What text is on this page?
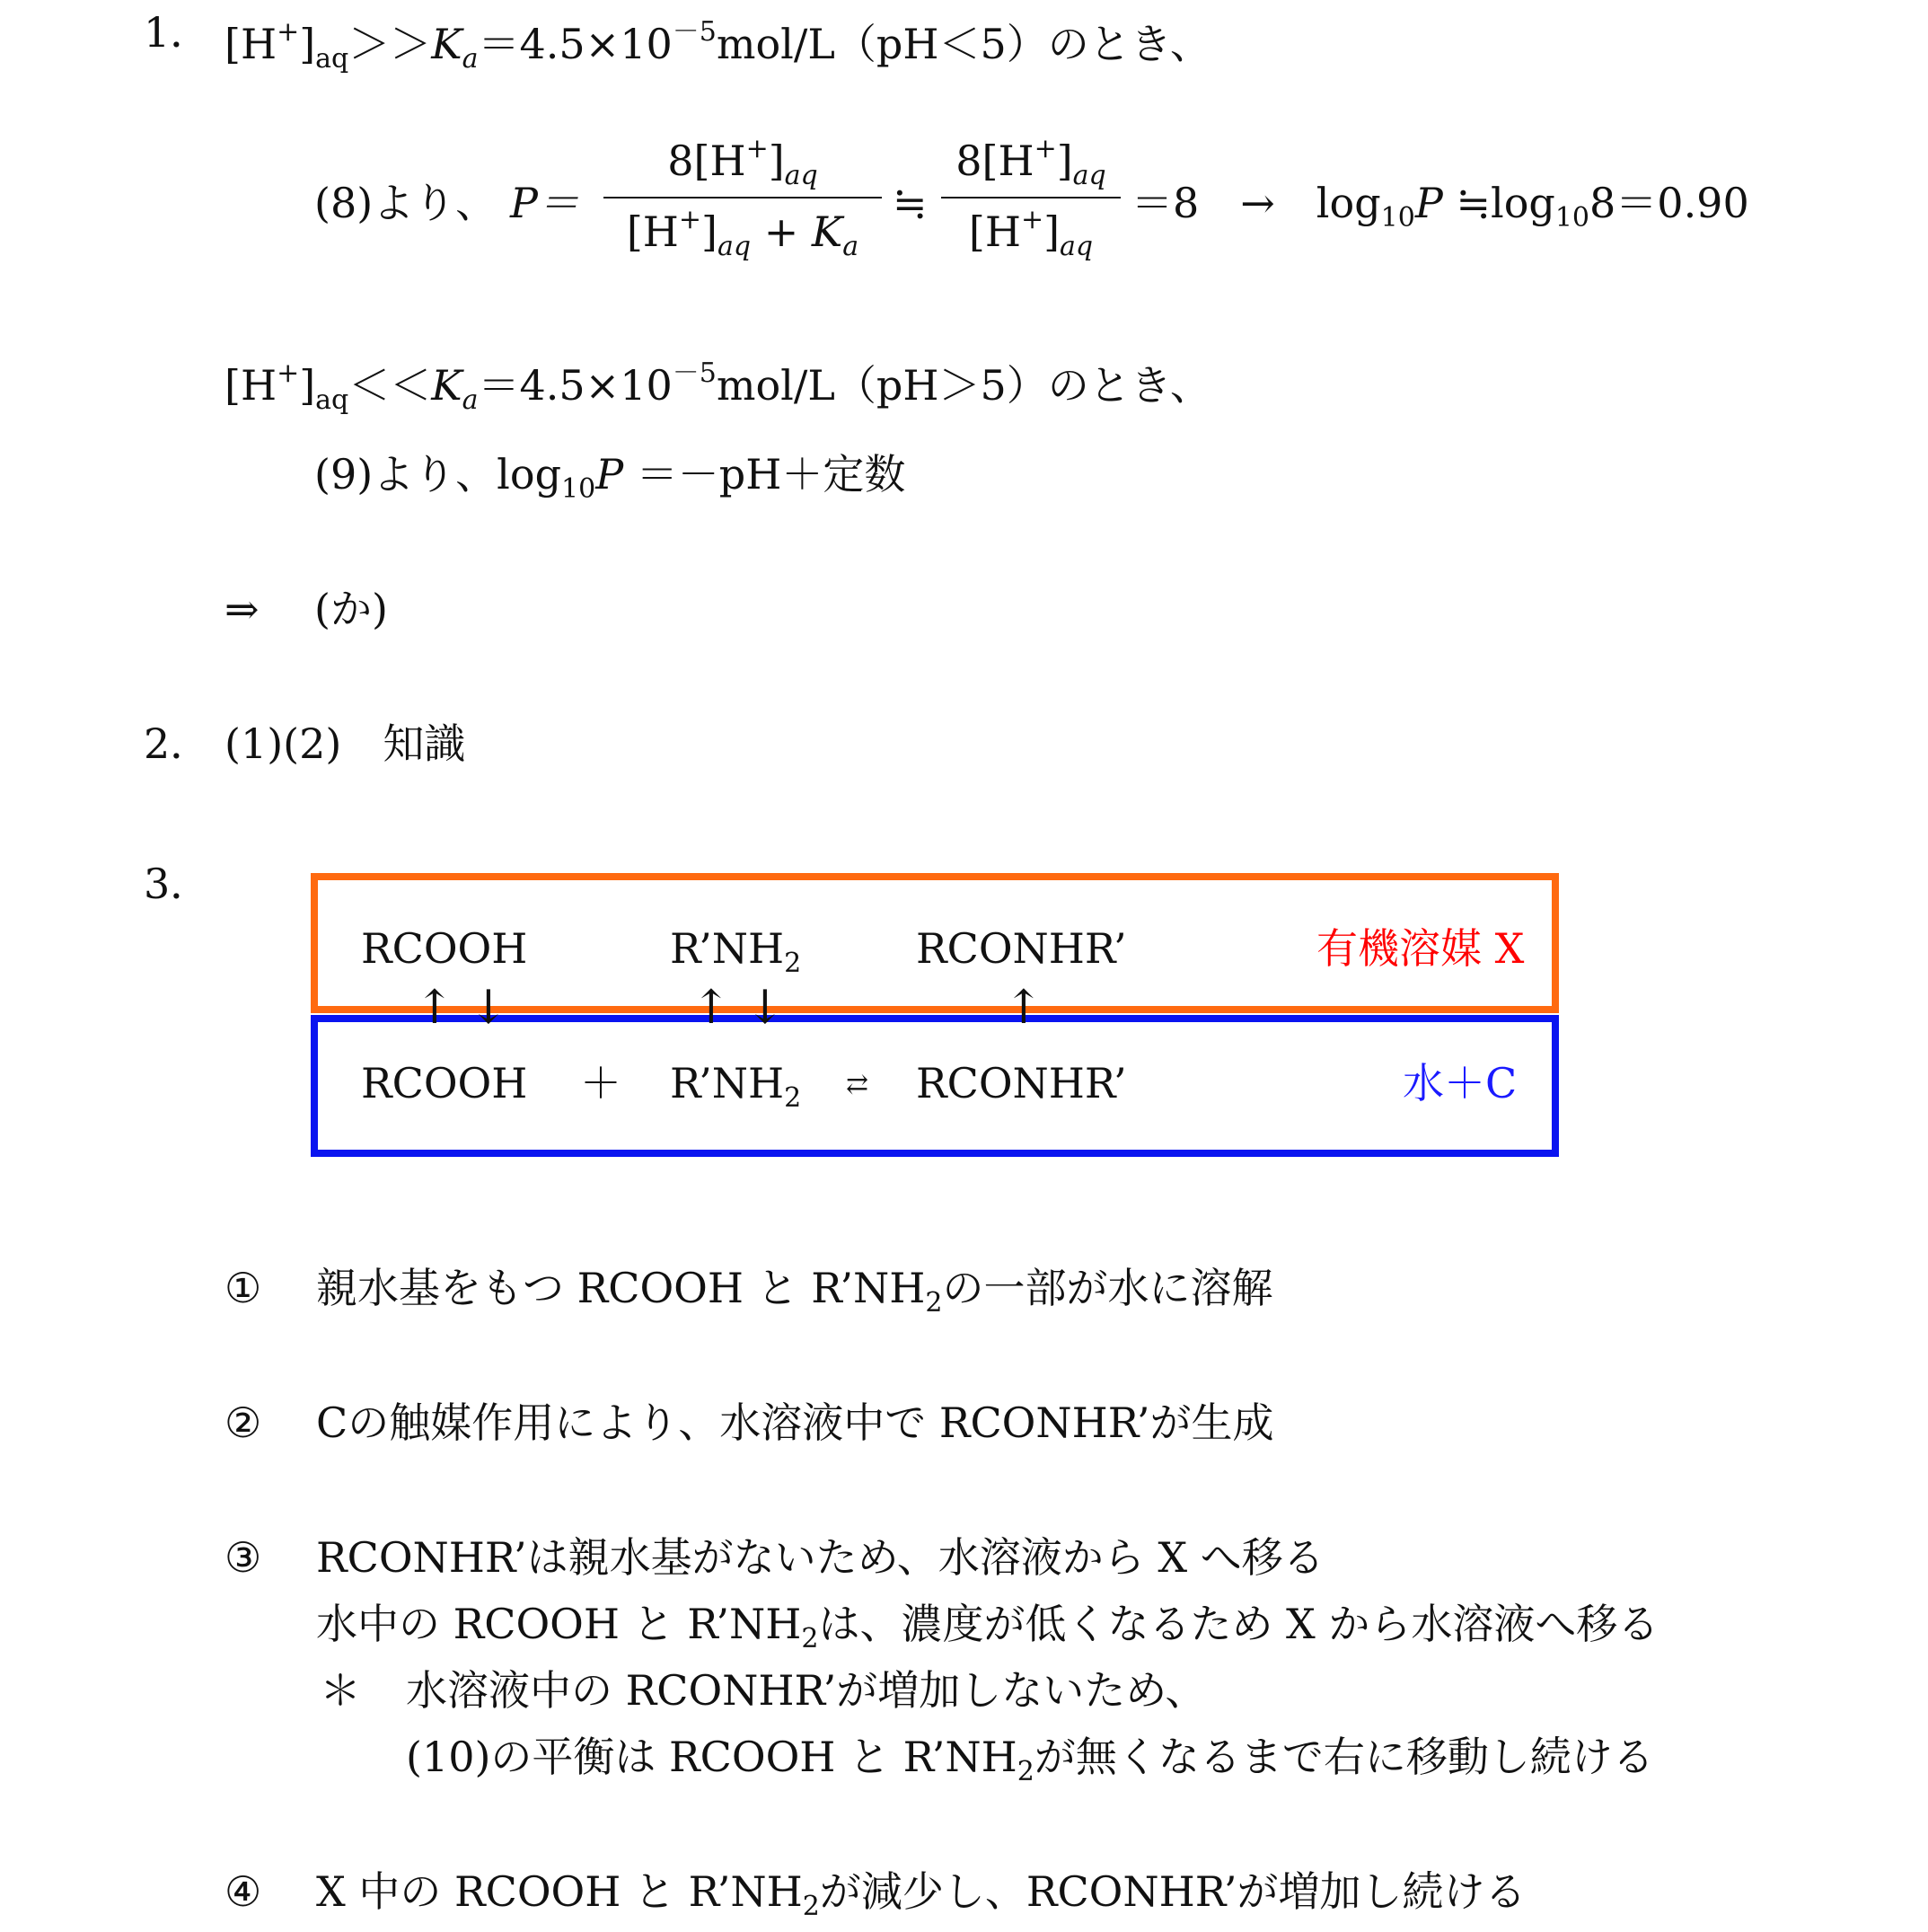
1． $[H^+]_{aq}>>K_a=4.5\times 10^{-5}mol/L(pH<5)$のとき、
(8)より、 P＝
$8[H^+]_{aq}$
$[H^+]_{aq} + K_a$
≒
$8[H^+]_{aq}$
$[H^+]_{aq}$
＝8　→　$\log_{10}P$ $≒\log_{10}8=0.90$
$[H^+]_{aq}<<K_a=4.5\times 10^{-5}mol/L(pH>5)$のとき、
(9)より、$\log_{10}P =-pH+$定数
⇒ (か)
2． (1)(2)　知識
3．
RCOOH	$R’NH_2$	RCONHR’	有機溶媒 X
↑ ↓	↑ ↓	↑
RCOOH ＋ $R’NH_2$ ⇄ RCONHR’	水＋C
① 親水基をもつ RCOOH と $R’NH_2$の一部が水に溶解
② Cの触媒作用により、水溶液中で RCONHR’が生成
③ RCONHR’は親水基がないため、水溶液から X へ移る
水中の RCOOH と $R’NH_2$は、濃度が低くなるため X から水溶液へ移る
＊ 水溶液中の RCONHR’が増加しないため、
(10)の平衡は RCOOH と $R’NH_2$が無くなるまで右に移動し続ける
④ X 中の RCOOH と $R’NH_2$が減少し、RCONHR’が増加し続ける
